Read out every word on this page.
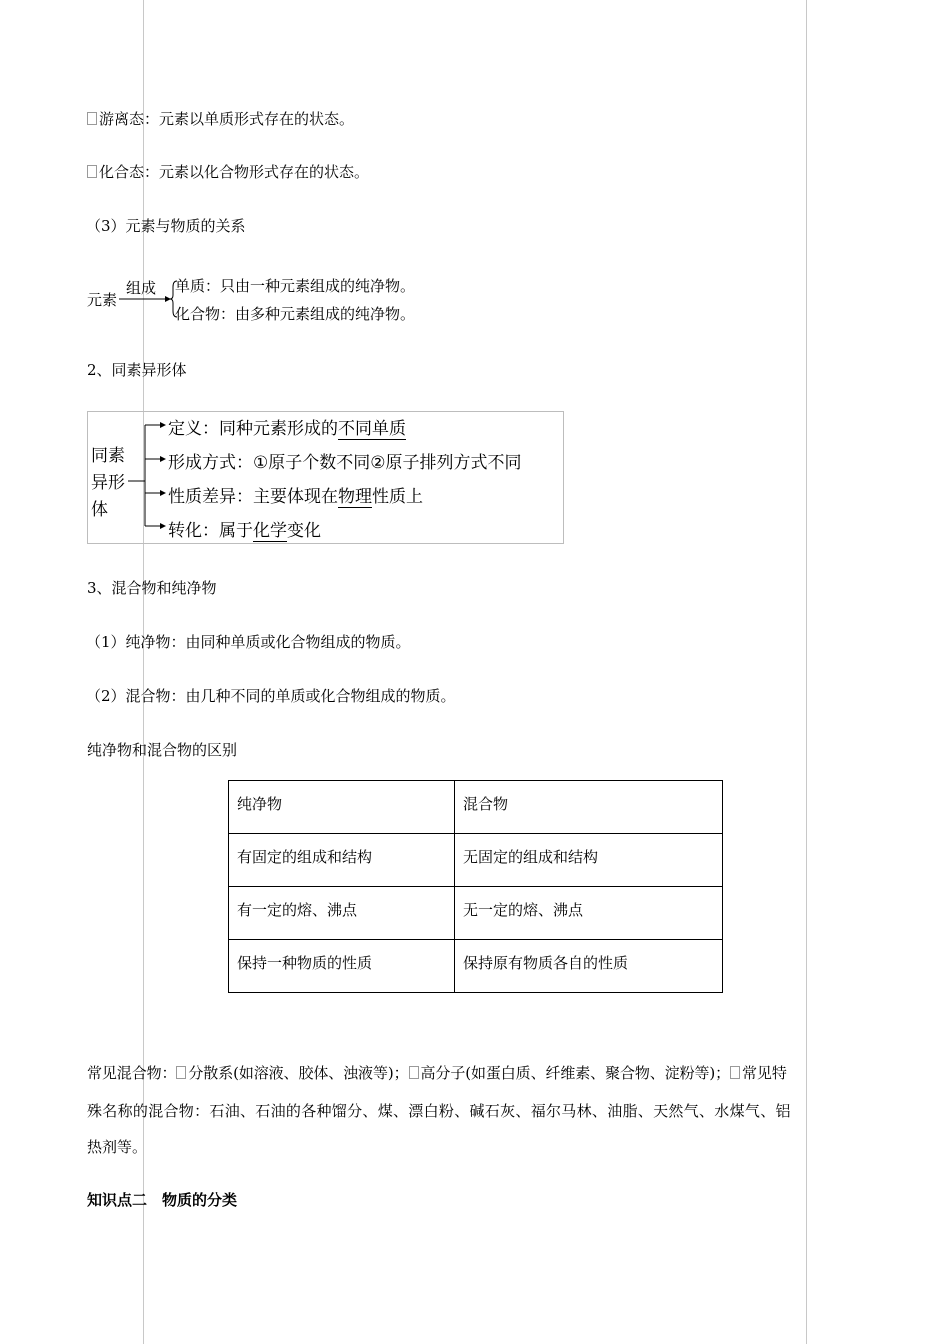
游离态：元素以单质形式存在的状态。
化合态：元素以化合物形式存在的状态。
（3）元素与物质的关系
元素
组成 单质：只由一种元素组成的纯净物。
化合物：由多种元素组成的纯净物。
2、同素异形体
同素
异形
体
定义：同种元素形成的不同单质
形成方式：①原子个数不同②原子排列方式不同
性质差异：主要体现在物理性质上
转化：属于化学变化
3、混合物和纯净物
（1）纯净物：由同种单质或化合物组成的物质。
（2）混合物：由几种不同的单质或化合物组成的物质。
纯净物和混合物的区别
纯净物	混合物
有固定的组成和结构	无固定的组成和结构
有一定的熔、沸点	无一定的熔、沸点
保持一种物质的性质	保持原有物质各自的性质
常见混合物： 分散系(如溶液、胶体、浊液等)； 高分子(如蛋白质、纤维素、聚合物、淀粉等)； 常见特
殊名称的混合物：石油、石油的各种馏分、煤、漂白粉、碱石灰、福尔马林、油脂、天然气、水煤气、铝
热剂等。
知识点二　物质的分类
